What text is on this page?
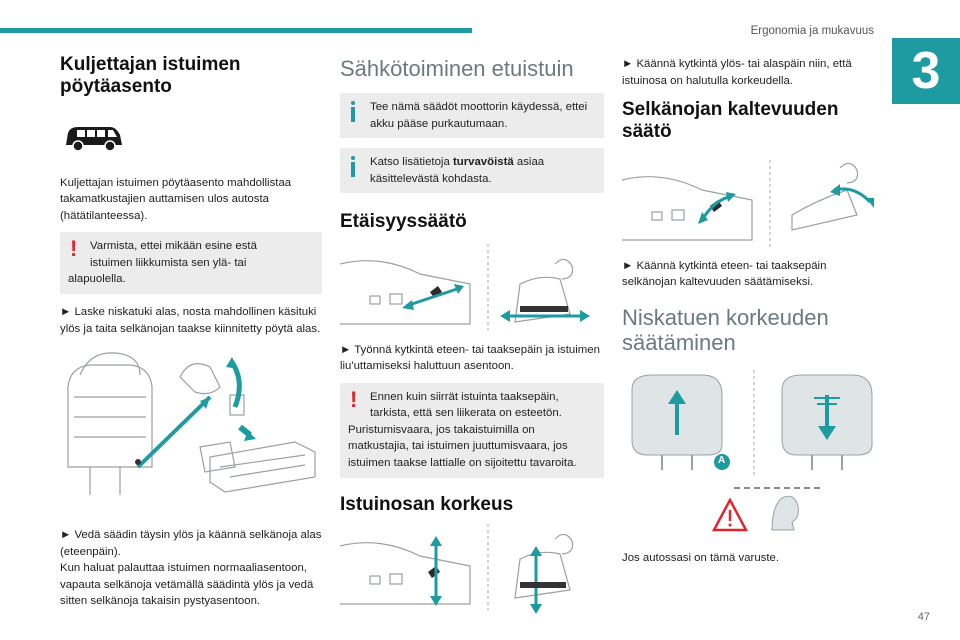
Ergonomia ja mukavuus
3
47
Kuljettajan istuimen pöytäasento

Kuljettajan istuimen pöytäasento mahdollistaa takamatkustajien auttamisen ulos autosta (hätätilanteessa).

! Varmista, ettei mikään esine estä

istuimen liikkumista sen ylä- tai

alapuolella.

► Laske niskatuki alas, nosta mahdollinen käsituki ylös ja taita selkänojan taakse kiinnitetty pöytä alas.

► Vedä säädin täysin ylös ja käännä selkänoja alas (eteenpäin).

Kun haluat palauttaa istuimen normaaliasentoon, vapauta selkänoja vetämällä säädintä ylös ja vedä sitten selkänoja takaisin pystyasentoon.

Sähkötoiminen etuistuin

Tee nämä säädöt moottorin käydessä, ettei akku pääse purkautumaan.

Katso lisätietoja turvavöistä asiaa käsittelevästä kohdasta.

Etäisyyssäätö

► Työnnä kytkintä eteen- tai taaksepäin ja istuimen liu'uttamiseksi haluttuun asentoon.

! Ennen kuin siirrät istuinta taaksepäin,

tarkista, että sen liikerata on esteetön. Puristumisvaara, jos takaistuimilla on matkustajia, tai istuimen juuttumisvaara, jos istuimen taakse lattialle on sijoitettu tavaroita.

Istuinosan korkeus

► Käännä kytkintä ylös- tai alaspäin niin, että istuinosa on halutulla korkeudella.

Selkänojan kaltevuuden säätö

► Käännä kytkintä eteen- tai taaksepäin selkänojan kaltevuuden säätämiseksi.

Niskatuen korkeuden säätäminen
A

Jos autossasi on tämä varuste.
